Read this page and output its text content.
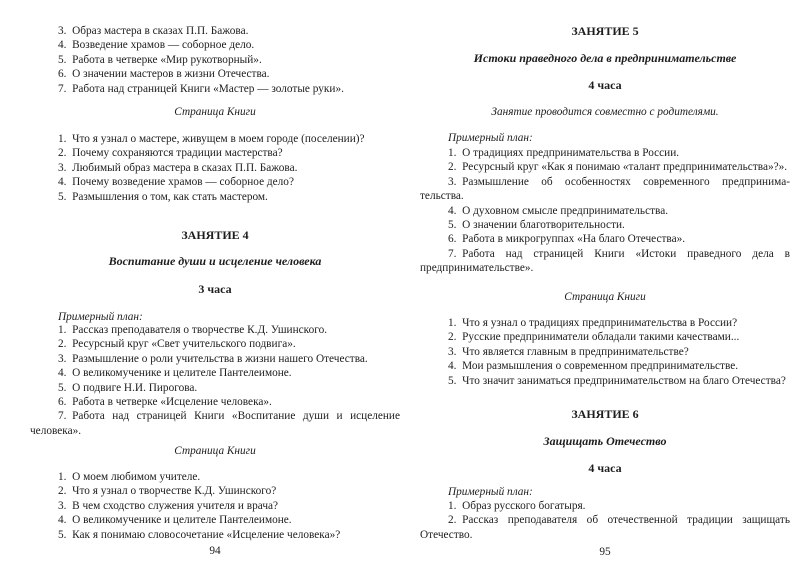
3. Образ мастера в сказах П.П. Бажова.

4. Возведение храмов — соборное дело.

5. Работа в четверке «Мир рукотворный».

6. О значении мастеров в жизни Отечества.

7. Работа над страницей Книги «Мастер — золотые руки».

Страница Книги

1. Что я узнал о мастере, живущем в моем городе (поселении)?

2. Почему сохраняются традиции мастерства?

3. Любимый образ мастера в сказах П.П. Бажова.

4. Почему возведение храмов — соборное дело?

5. Размышления о том, как стать мастером.

ЗАНЯТИЕ 4

Воспитание души и исцеление человека

3 часа

Примерный план:

1. Рассказ преподавателя о творчестве К.Д. Ушинского.

2. Ресурсный круг «Свет учительского подвига».

3. Размышление о роли учительства в жизни нашего Отечества.

4. О великомученике и целителе Пантелеимоне.

5. О подвиге Н.И. Пирогова.

6. Работа в четверке «Исцеление человека».

7. Работа над страницей Книги «Воспитание души и исцеление человека».

Страница Книги

1. О моем любимом учителе.

2. Что я узнал о творчестве К.Д. Ушинского?

3. В чем сходство служения учителя и врача?

4. О великомученике и целителе Пантелеимоне.

5. Как я понимаю словосочетание «Исцеление человека»?

94

ЗАНЯТИЕ 5

Истоки праведного дела в предпринимательстве

4 часа

Занятие проводится совместно с родителями.

Примерный план:

1. О традициях предпринимательства в России.

2. Ресурсный круг «Как я понимаю «талант предпринимательства»?».

3. Размышление об особенностях современного предпринимательства.

4. О духовном смысле предпринимательства.

5. О значении благотворительности.

6. Работа в микрогруппах «На благо Отечества».

7. Работа над страницей Книги «Истоки праведного дела в предпринимательстве».

Страница Книги

1. Что я узнал о традициях предпринимательства в России?

2. Русские предприниматели обладали такими качествами...

3. Что является главным в предпринимательстве?

4. Мои размышления о современном предпринимательстве.

5. Что значит заниматься предпринимательством на благо Отечества?

ЗАНЯТИЕ 6

Защищать Отечество

4 часа

Примерный план:

1. Образ русского богатыря.

2. Рассказ преподавателя об отечественной традиции защищать Отечество.

95
